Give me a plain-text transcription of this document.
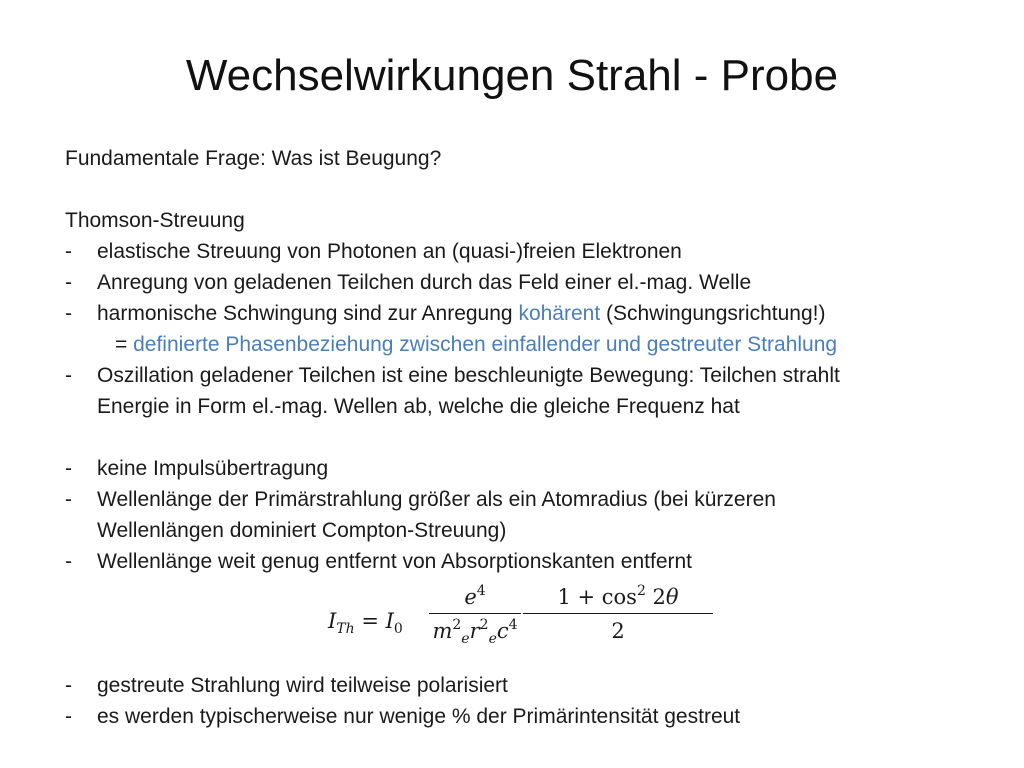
Wechselwirkungen Strahl - Probe
Fundamentale Frage: Was ist Beugung?
Thomson-Streuung
- elastische Streuung von Photonen an (quasi-)freien Elektronen
- Anregung von geladenen Teilchen durch das Feld einer el.-mag. Welle
- harmonische Schwingung sind zur Anregung kohärent (Schwingungsrichtung!)
= definierte Phasenbeziehung zwischen einfallender und gestreuter Strahlung
- Oszillation geladener Teilchen ist eine beschleunigte Bewegung: Teilchen strahlt
Energie in Form el.-mag. Wellen ab, welche die gleiche Frequenz hat
- keine Impulsübertragung
- Wellenlänge der Primärstrahlung größer als ein Atomradius (bei kürzeren
Wellenlängen dominiert Compton-Streuung)
- Wellenlänge weit genug entfernt von Absorptionskanten entfernt
$I_{Th} = I_0$
$e^4$
$m^2_er^2_ec^4$
$1 + \cos^2 2\theta$
2
- gestreute Strahlung wird teilweise polarisiert
- es werden typischerweise nur wenige % der Primärintensität gestreut
